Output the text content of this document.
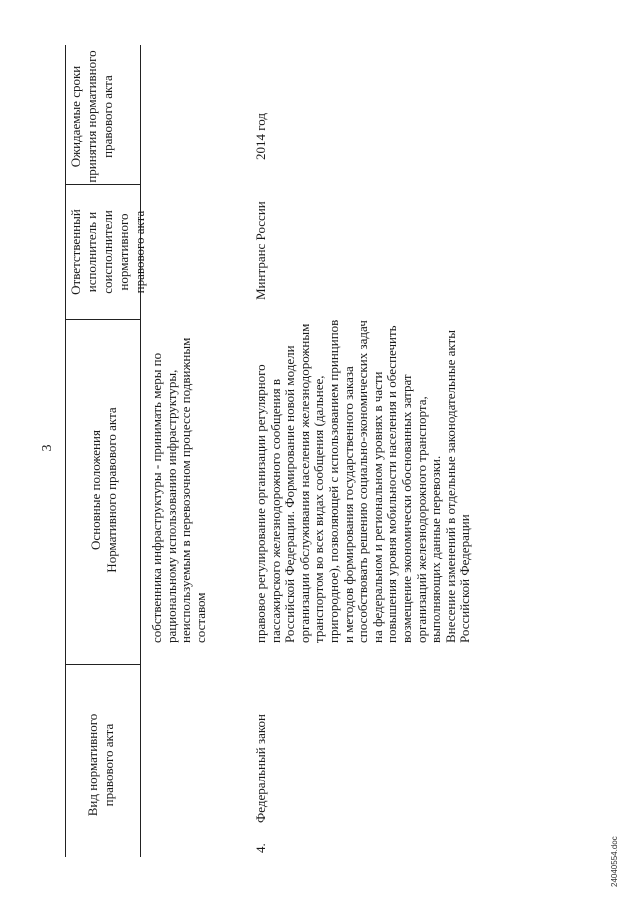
3
Вид нормативного правового акта
Основные положения Нормативного правового акта
Ответственный исполнитель и соисполнители нормативного правового акта
Ожидаемые сроки принятия нормативного правового акта

собственника инфраструктуры - принимать меры по рациональному использованию инфраструктуры, неиспользуемым в перевозочном процессе подвижным составом

4.
Федеральный закон

правовое регулирование организации регулярного пассажирского железнодорожного сообщения в Российской Федерации. Формирование новой модели организации обслуживания населения железнодорожным транспортом во всех видах сообщения (дальнее, пригородное), позволяющей с использованием принципов и методов формирования государственного заказа способствовать решению социально-экономических задач на федеральном и региональном уровнях в части повышения уровня мобильности населения и обеспечить возмещение экономически обоснованных затрат организаций железнодорожного транспорта, выполняющих данные перевозки. Внесение изменений в отдельные законодательные акты Российской Федерации

Минтранс России
2014 год
24040554.doc
